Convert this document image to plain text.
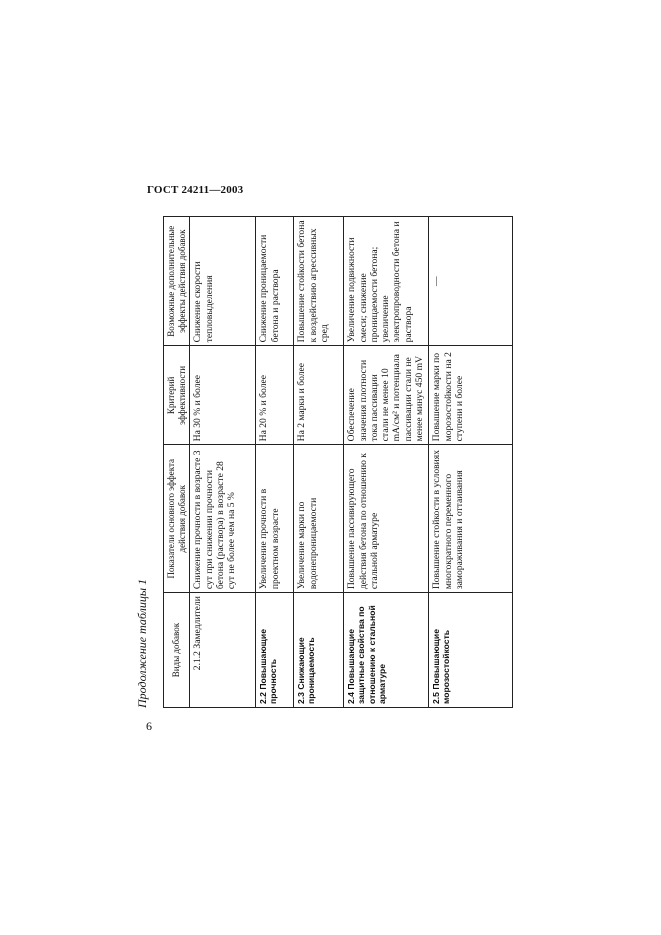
ГОСТ 24211—2003
6
Продолжение таблицы 1 Виды добавок	Показатели основного эффекта действия добавок	Критерий эффективности	Возможные дополнительные эффекты действия добавок
2.1.2 Замедлители	Снижение прочности в возрасте 3 сут при снижении прочности бетона (раствора) в возрасте 28 сут не более чем на 5 %	На 30 % и более	Снижение скорости тепловыделения
2.2 Повышающие прочность	Увеличение прочности в проектном возрасте	На 20 % и более	Снижение проницаемости бетона и раствора
2.3 Снижающие проницаемость	Увеличение марки по водонепроницаемости	На 2 марки и более	Повышение стойкости бетона к воздействию агрессивных сред
2.4 Повышающие защитные свойства по отношению к стальной арматуре	Повышение пассивирующего действия бетона по отношению к стальной арматуре	Обеспечение значения плотности тока пассивации стали не менее 10 mA/см² и потенциала пассивации стали не менее минус 450 mV	Увеличение подвижности смеси; снижение проницаемости бетона; увеличение электропроводности бетона и раствора
2.5 Повышающие морозостойкость	Повышение стойкости в условиях многократного переменного замораживания и оттаивания	Повышение марки по морозостойкости на 2 ступени и более	—
